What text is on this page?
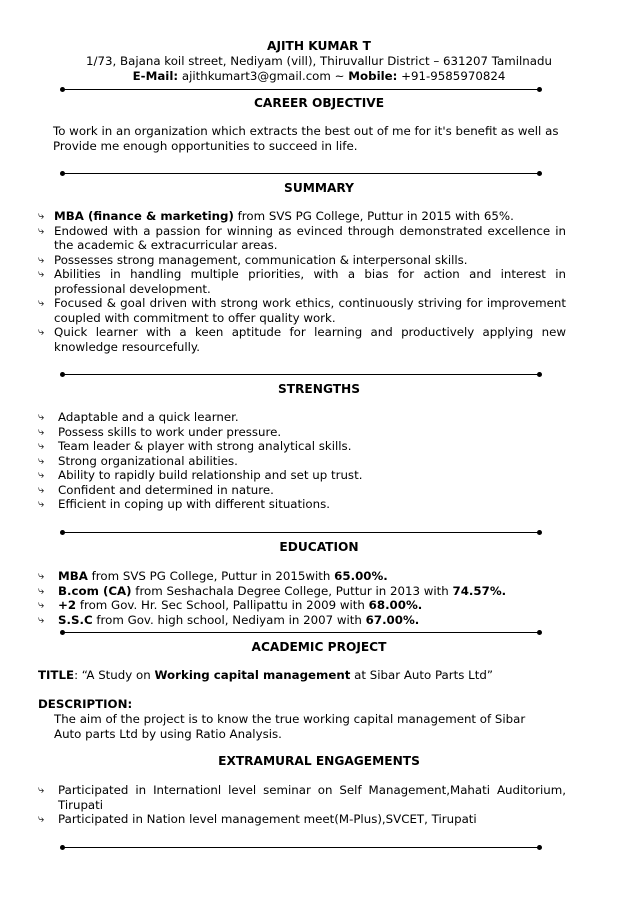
AJITH KUMAR T
1/73, Bajana koil street, Nediyam (vill), Thiruvallur District – 631207 Tamilnadu
E-Mail: ajithkumart3@gmail.com ~ Mobile: +91-9585970824
CAREER OBJECTIVE
To work in an organization which extracts the best out of me for it's benefit as well as
Provide me enough opportunities to succeed in life.
SUMMARY
⤷ MBA (finance & marketing) from SVS PG College, Puttur in 2015 with 65%.
⤷ Endowed with a passion for winning as evinced through demonstrated excellence in the academic & extracurricular areas.
⤷ Possesses strong management, communication & interpersonal skills.
⤷ Abilities in handling multiple priorities, with a bias for action and interest in professional development.
⤷ Focused & goal driven with strong work ethics, continuously striving for improvement coupled with commitment to offer quality work.
⤷ Quick learner with a keen aptitude for learning and productively applying new knowledge resourcefully.
STRENGTHS
⤷ Adaptable and a quick learner.
⤷ Possess skills to work under pressure.
⤷ Team leader & player with strong analytical skills.
⤷ Strong organizational abilities.
⤷ Ability to rapidly build relationship and set up trust.
⤷ Confident and determined in nature.
⤷ Efficient in coping up with different situations.
EDUCATION
⤷ MBA from SVS PG College, Puttur in 2015with 65.00%.
⤷ B.com (CA) from Seshachala Degree College, Puttur in 2013 with 74.57%.
⤷ +2 from Gov. Hr. Sec School, Pallipattu in 2009 with 68.00%.
⤷ S.S.C from Gov. high school, Nediyam in 2007 with 67.00%.
ACADEMIC PROJECT
TITLE: “A Study on Working capital management at Sibar Auto Parts Ltd”
DESCRIPTION:
The aim of the project is to know the true working capital management of Sibar
Auto parts Ltd by using Ratio Analysis.
EXTRAMURAL ENGAGEMENTS
⤷ Participated in Internationl level seminar on Self Management,Mahati Auditorium, Tirupati
⤷ Participated in Nation level management meet(M-Plus),SVCET, Tirupati
